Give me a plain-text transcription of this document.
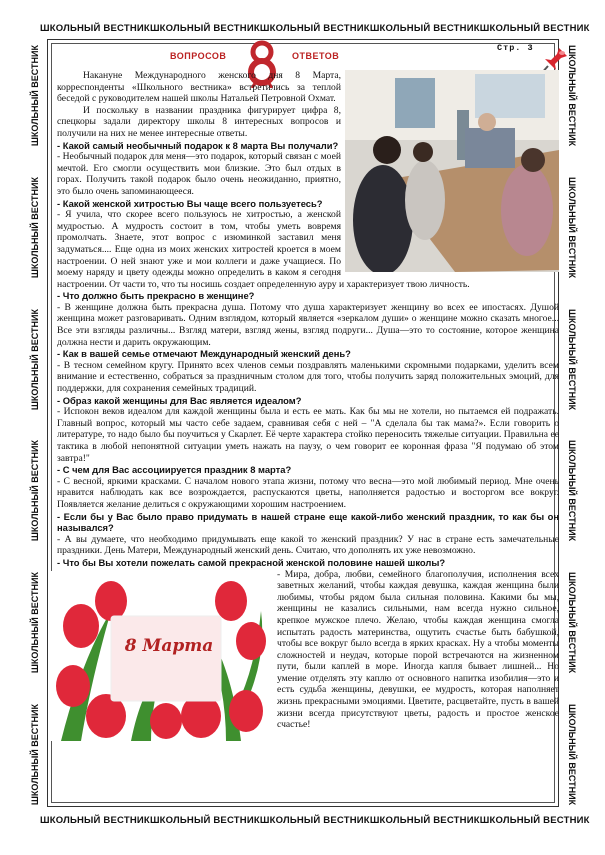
ШКОЛЬНЫЙ ВЕСТНИК ШКОЛЬНЫЙ ВЕСТНИК ШКОЛЬНЫЙ ВЕСТНИК ШКОЛЬНЫЙ ВЕСТНИК ШКОЛЬНЫЙ ВЕСТНИК
ШКОЛЬНЫЙ ВЕСТНИК ШКОЛЬНЫЙ ВЕСТНИК ШКОЛЬНЫЙ ВЕСТНИК ШКОЛЬНЫЙ ВЕСТНИК ШКОЛЬНЫЙ ВЕСТНИК
ШКОЛЬНЫЙ ВЕСТНИК
ШКОЛЬНЫЙ ВЕСТНИК
ШКОЛЬНЫЙ ВЕСТНИК
ШКОЛЬНЫЙ ВЕСТНИК
ШКОЛЬНЫЙ ВЕСТНИК
ШКОЛЬНЫЙ ВЕСТНИК
ШКОЛЬНЫЙ ВЕСТНИК
ШКОЛЬНЫЙ ВЕСТНИК
ШКОЛЬНЫЙ ВЕСТНИК
ШКОЛЬНЫЙ ВЕСТНИК
ШКОЛЬНЫЙ ВЕСТНИК
ШКОЛЬНЫЙ ВЕСТНИК
ВОПРОСОВ	ОТВЕТОВ
Стр. 3

Накануне Международного женского дня 8 Марта, корреспонденты «Школьного вестника» встретились за теплой беседой с руководителем нашей школы Натальей Петровной Охмат.

И поскольку в названии праздника фигурирует цифра 8, спецкоры задали директору школы 8 интересных вопросов и получили на них не менее интересные ответы.

- Какой самый необычный подарок к 8 марта Вы получали?

- Необычный подарок для меня—это подарок, который связан с моей мечтой. Его смогли осуществить мои близкие. Это был отдых в горах. Получить такой подарок было очень неожиданно, приятно, это было очень запоминающееся.

- Какой женской хитростью Вы чаще всего пользуетесь?

- Я учила, что скорее всего пользуюсь не хитростью, а женской мудростью. А мудрость состоит в том, чтобы уметь вовремя промолчать. Знаете, этот вопрос с изюминкой заставил меня задуматься.... Еще одна из моих женских хитростей кроется в моем настроении. О ней знают уже и мои коллеги и даже учащиеся. По моему наряду и цвету одежды можно определить в каком я сегодня настроении. От части то, что ты носишь создает определенную ауру и характеризует твою личность.

- Что должно быть прекрасно в женщине?

- В женщине должна быть прекрасна душа. Потому что душа характеризует женщину во всех ее ипостасях. Душой женщина может разговаривать. Одним взглядом, который является «зеркалом души» о женщине можно сказать многое... Все эти взгляды различны... Взгляд матери, взгляд жены, взгляд подруги... Душа—это то состояние, которое женщина должна нести и дарить окружающим.

- Как в вашей семье отмечают Международный женский день?

- В тесном семейном кругу. Принято всех членов семьи поздравлять маленькими скромными подарками, уделить всем внимание и естественно, собраться за праздничным столом для того, чтобы получить заряд положительных эмоций, для поддержки, для сохранения семейных традиций.

- Образ какой женщины для Вас является идеалом?

- Испокон веков идеалом для каждой женщины была и есть ее мать. Как бы мы не хотели, но пытаемся ей подражать. Главный вопрос, который мы часто себе задаем, сравнивая себя с ней – "А сделала бы так мама?». Если говорить о литературе, то надо было бы поучиться у Скарлет. Её черте характера стойко переносить тяжелые ситуации. Правильна ее тактика в любой непонятной ситуации уметь нажать на паузу, о чем говорит ее коронная фраза "Я подумаю об этом завтра!"

- С чем для Вас ассоциируется праздник 8 марта?

- С весной, яркими красками. С началом нового этапа жизни, потому что весна—это мой любимый период. Мне очень нравится наблюдать как все возрождается, распускаются цветы, наполняется радостью и восторгом все вокруг. Появляется желание делиться с окружающими хорошим настроением.

- Если бы у Вас было право придумать в нашей стране еще какой-либо женский праздник, то как бы он назывался?

- А вы думаете, что необходимо придумывать еще какой то женский праздник? У нас в стране есть замечательные праздники. День Матери, Международный женский день. Считаю, что дополнять их уже невозможно.

- Что бы Вы хотели пожелать самой прекрасной женской половине нашей школы?

8 Марта

- Мира, добра, любви, семейного благополучия, исполнения всех заветных желаний, чтобы каждая девушка, каждая женщина были любимы, чтобы рядом была сильная половина. Какими бы мы, женщины не казались сильными, нам всегда нужно сильное, крепкое мужское плечо. Желаю, чтобы каждая женщина смогла испытать радость материнства, ощутить счастье быть бабушкой, чтобы все вокруг было всегда в ярких красках. Ну а чтобы моменты сложностей и неудач, которые порой встречаются на жизненном пути, были каплей в море. Иногда капля бывает лишней... Но умение отделять эту каплю от основного напитка изобилия—это и есть судьба женщины, девушки, ее мудрость, которая наполняет жизнь прекрасными эмоциями. Цветите, расцветайте, пусть в вашей жизни всегда присутствуют цветы, радость и простое женское счастье!
